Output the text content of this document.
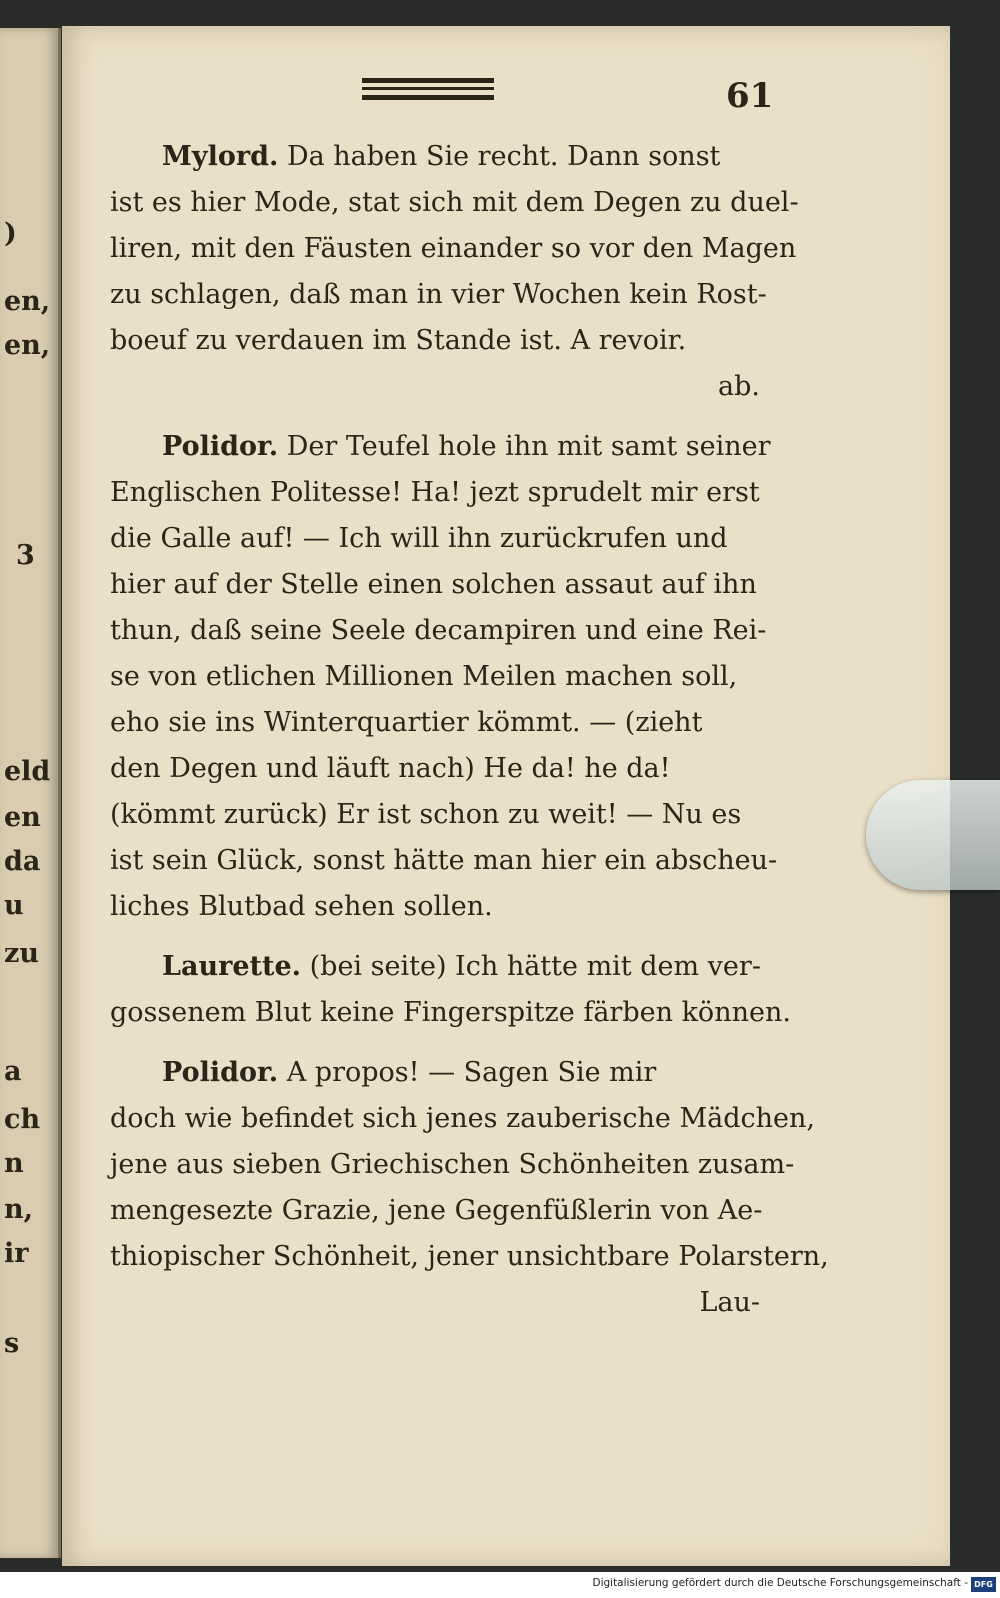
)
en,
en,
3
eld
en
da
u
zu
a
ch
n
n,
ir
s
61
Mylord. Da haben Sie recht. Dann sonst
ist es hier Mode, stat sich mit dem Degen zu duel-
liren, mit den Fäusten einander so vor den Magen
zu schlagen, daß man in vier Wochen kein Rost-
boeuf zu verdauen im Stande ist. A revoir.
ab.
Polidor. Der Teufel hole ihn mit samt seiner
Englischen Politesse! Ha! jezt sprudelt mir erst
die Galle auf! — Ich will ihn zurückrufen und
hier auf der Stelle einen solchen assaut auf ihn
thun, daß seine Seele decampiren und eine Rei-
se von etlichen Millionen Meilen machen soll,
eho sie ins Winterquartier kömmt. — (zieht
den Degen und läuft nach) He da! he da!
(kömmt zurück) Er ist schon zu weit! — Nu es
ist sein Glück, sonst hätte man hier ein abscheu-
liches Blutbad sehen sollen.
Laurette. (bei seite) Ich hätte mit dem ver-
gossenem Blut keine Fingerspitze färben können.
Polidor. A propos! — Sagen Sie mir
doch wie befindet sich jenes zauberische Mädchen,
jene aus sieben Griechischen Schönheiten zusam-
mengesezte Grazie, jene Gegenfüßlerin von Ae-
thiopischer Schönheit, jener unsichtbare Polarstern,
Lau-
Digitalisierung gefördert durch die Deutsche Forschungsgemeinschaft - DFG
